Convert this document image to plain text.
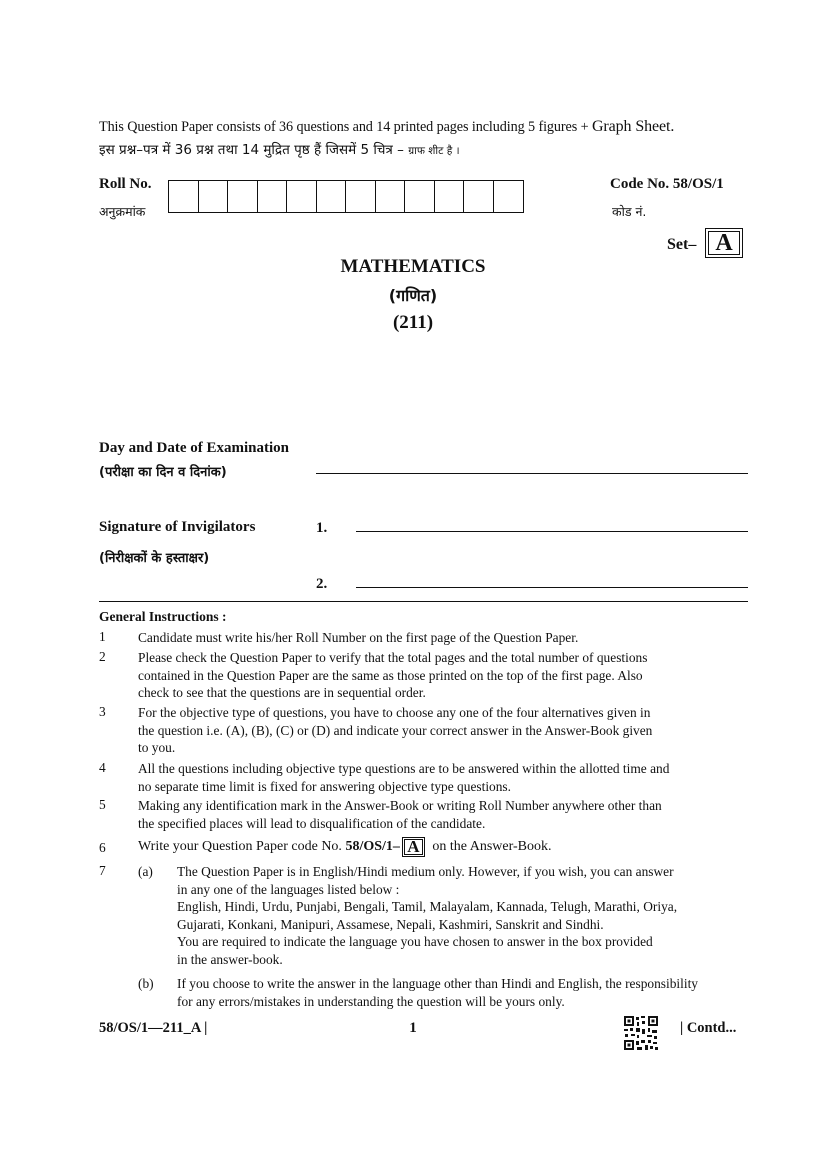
This Question Paper consists of 36 questions and 14 printed pages including 5 figures + Graph Sheet.
इस प्रश्न–पत्र में 36 प्रश्न तथा 14 मुद्रित पृष्ठ हैं जिसमें 5 चित्र – ग्राफ शीट है ।
Roll No.
अनुक्रमांक
Code No. 58/OS/1
कोड नं.
Set– A
MATHEMATICS
(गणित)
(211)
Day and Date of Examination
(परीक्षा का दिन व दिनांक)
Signature of Invigilators
(निरीक्षकों के हस्ताक्षर)
1.
2.
General Instructions :
1 Candidate must write his/her Roll Number on the first page of the Question Paper.
2 Please check the Question Paper to verify that the total pages and the total number of questions
contained in the Question Paper are the same as those printed on the top of the first page. Also
check to see that the questions are in sequential order.
3 For the objective type of questions, you have to choose any one of the four alternatives given in
the question i.e. (A), (B), (C) or (D) and indicate your correct answer in the Answer-Book given
to you.
4 All the questions including objective type questions are to be answered within the allotted time and
no separate time limit is fixed for answering objective type questions.
5 Making any identification mark in the Answer-Book or writing Roll Number anywhere other than
the specified places will lead to disqualification of the candidate.
6 Write your Question Paper code No. 58/OS/1– A on the Answer-Book.
7 (a) The Question Paper is in English/Hindi medium only. However, if you wish, you can answer
in any one of the languages listed below :
English, Hindi, Urdu, Punjabi, Bengali, Tamil, Malayalam, Kannada, Telugh, Marathi, Oriya,
Gujarati, Konkani, Manipuri, Assamese, Nepali, Kashmiri, Sanskrit and Sindhi.
You are required to indicate the language you have chosen to answer in the box provided
in the answer-book.
(b) If you choose to write the answer in the language other than Hindi and English, the responsibility
for any errors/mistakes in understanding the question will be yours only.
58/OS/1—211_A |	1	| Contd...
